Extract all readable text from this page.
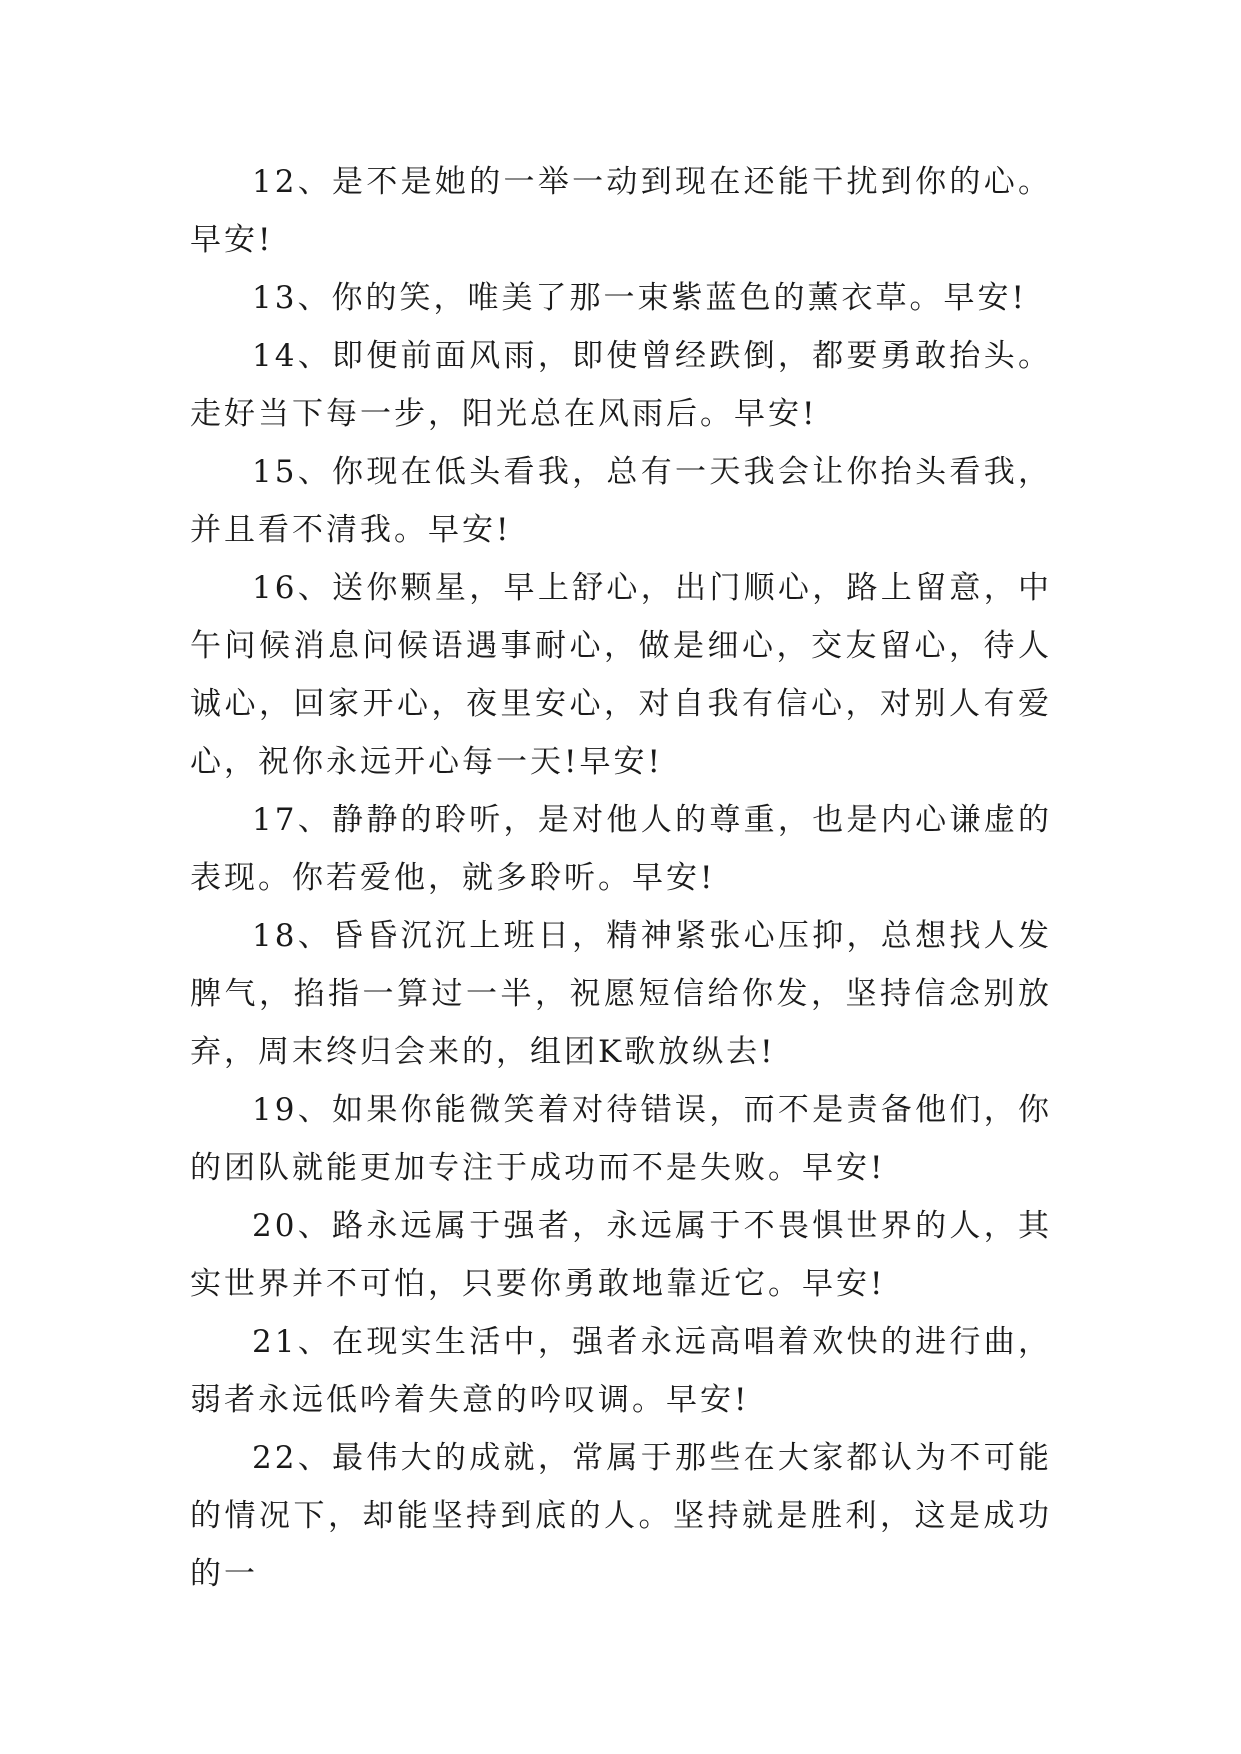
12、是不是她的一举一动到现在还能干扰到你的心。早安!

13、你的笑，唯美了那一束紫蓝色的薰衣草。早安!

14、即便前面风雨，即使曾经跌倒，都要勇敢抬头。走好当下每一步，阳光总在风雨后。早安!

15、你现在低头看我，总有一天我会让你抬头看我，并且看不清我。早安!

16、送你颗星，早上舒心，出门顺心，路上留意，中午问候消息问候语遇事耐心，做是细心，交友留心，待人诚心，回家开心，夜里安心，对自我有信心，对别人有爱心，祝你永远开心每一天!早安!

17、静静的聆听，是对他人的尊重，也是内心谦虚的表现。你若爱他，就多聆听。早安!

18、昏昏沉沉上班日，精神紧张心压抑，总想找人发脾气，掐指一算过一半，祝愿短信给你发，坚持信念别放弃，周末终归会来的，组团K歌放纵去!

19、如果你能微笑着对待错误，而不是责备他们，你的团队就能更加专注于成功而不是失败。早安!

20、路永远属于强者，永远属于不畏惧世界的人，其实世界并不可怕，只要你勇敢地靠近它。早安!

21、在现实生活中，强者永远高唱着欢快的进行曲，弱者永远低吟着失意的吟叹调。早安!

22、最伟大的成就，常属于那些在大家都认为不可能的情况下，却能坚持到底的人。坚持就是胜利，这是成功的一
